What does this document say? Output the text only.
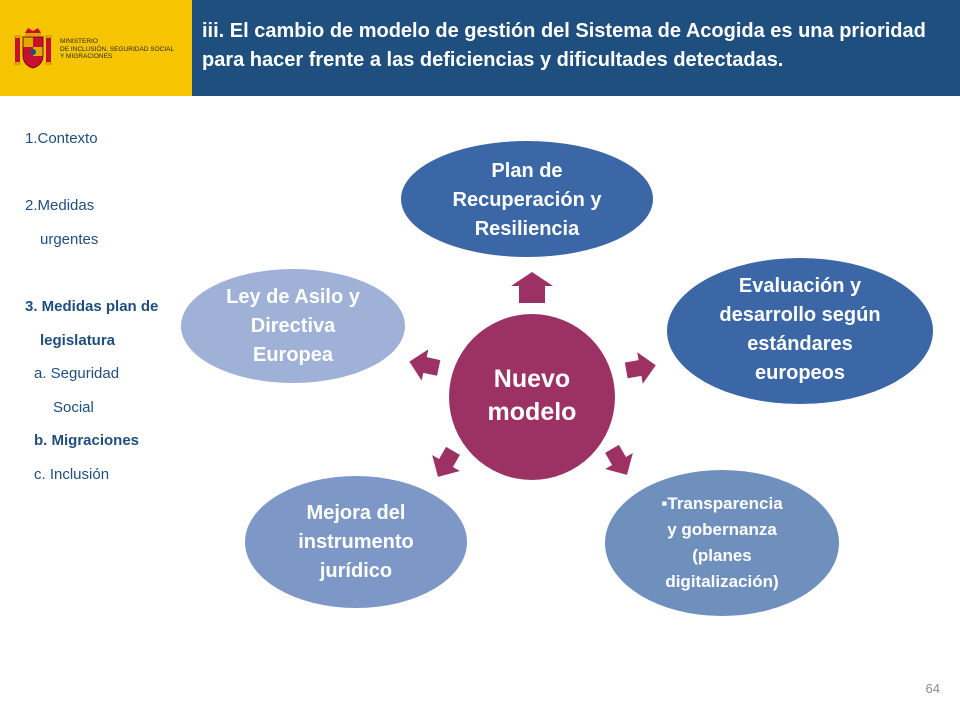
MINISTERIO
DE INCLUSIÓN, SEGURIDAD SOCIAL
Y MIGRACIONES
iii. El cambio de modelo de gestión del Sistema de Acogida es una prioridad
para hacer frente a las deficiencias y dificultades detectadas.
1.Contexto
2.Medidas
urgentes
3. Medidas plan de
legislatura
a. Seguridad
Social
b. Migraciones
c. Inclusión
Plan de
Recuperación y
Resiliencia
Evaluación y
desarrollo según
estándares
europeos
▪Transparencia
y gobernanza
(planes
digitalización)
Mejora del
instrumento
jurídico
Ley de Asilo y
Directiva
Europea
Nuevo
modelo
64
